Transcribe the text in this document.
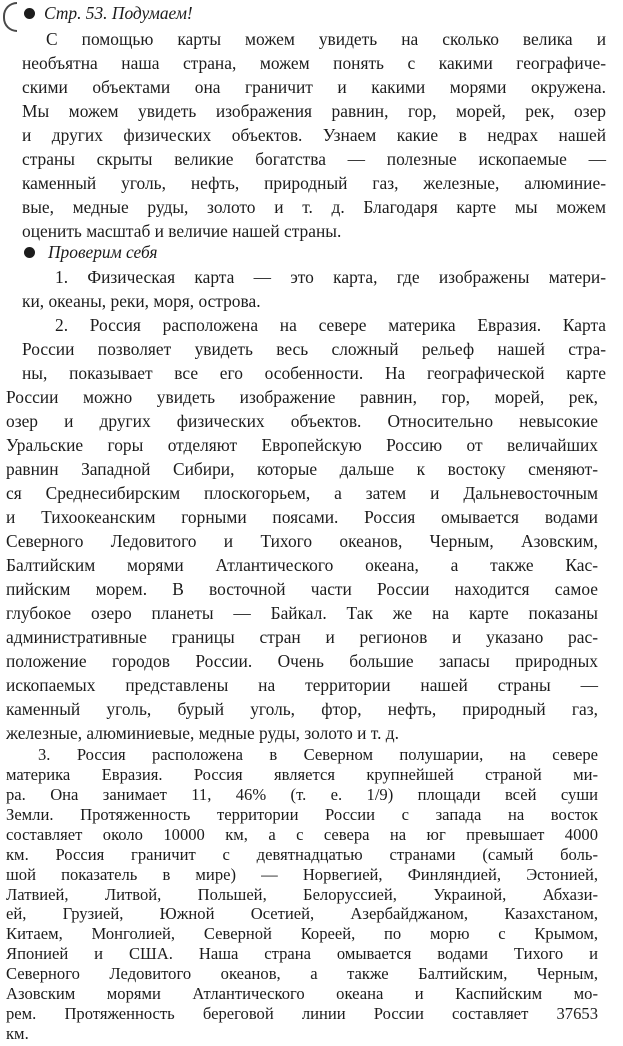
Стр. 53. Подумаем!
С помощью карты можем увидеть на сколько велика и
необъятна наша страна, можем понять с какими географиче-
скими объектами она граничит и какими морями окружена.
Мы можем увидеть изображения равнин, гор, морей, рек, озер
и других физических объектов. Узнаем какие в недрах нашей
страны скрыты великие богатства — полезные ископаемые —
каменный уголь, нефть, природный газ, железные, алюминие-
вые, медные руды, золото и т. д. Благодаря карте мы можем
оценить масштаб и величие нашей страны.
Проверим себя
1. Физическая карта — это карта, где изображены матери-
ки, океаны, реки, моря, острова.
2. Россия расположена на севере материка Евразия. Карта
России позволяет увидеть весь сложный рельеф нашей стра-
ны, показывает все его особенности. На географической карте
России можно увидеть изображение равнин, гор, морей, рек,
озер и других физических объектов. Относительно невысокие
Уральские горы отделяют Европейскую Россию от величайших
равнин Западной Сибири, которые дальше к востоку сменяют-
ся Среднесибирским плоскогорьем, а затем и Дальневосточным
и Тихоокеанским горными поясами. Россия омывается водами
Северного Ледовитого и Тихого океанов, Черным, Азовским,
Балтийским морями Атлантического океана, а также Кас-
пийским морем. В восточной части России находится самое
глубокое озеро планеты — Байкал. Так же на карте показаны
административные границы стран и регионов и указано рас-
положение городов России. Очень большие запасы природных
ископаемых представлены на территории нашей страны —
каменный уголь, бурый уголь, фтор, нефть, природный газ,
железные, алюминиевые, медные руды, золото и т. д.
3. Россия расположена в Северном полушарии, на севере
материка Евразия. Россия является крупнейшей страной ми-
ра. Она занимает 11, 46% (т. е. 1/9) площади всей суши
Земли. Протяженность территории России с запада на восток
составляет около 10000 км, а с севера на юг превышает 4000
км. Россия граничит с девятнадцатью странами (самый боль-
шой показатель в мире) — Норвегией, Финляндией, Эстонией,
Латвией, Литвой, Польшей, Белоруссией, Украиной, Абхази-
ей, Грузией, Южной Осетией, Азербайджаном, Казахстаном,
Китаем, Монголией, Северной Кореей, по морю с Крымом,
Японией и США. Наша страна омывается водами Тихого и
Северного Ледовитого океанов, а также Балтийским, Черным,
Азовским морями Атлантического океана и Каспийским мо-
рем. Протяженность береговой линии России составляет 37653
км.
